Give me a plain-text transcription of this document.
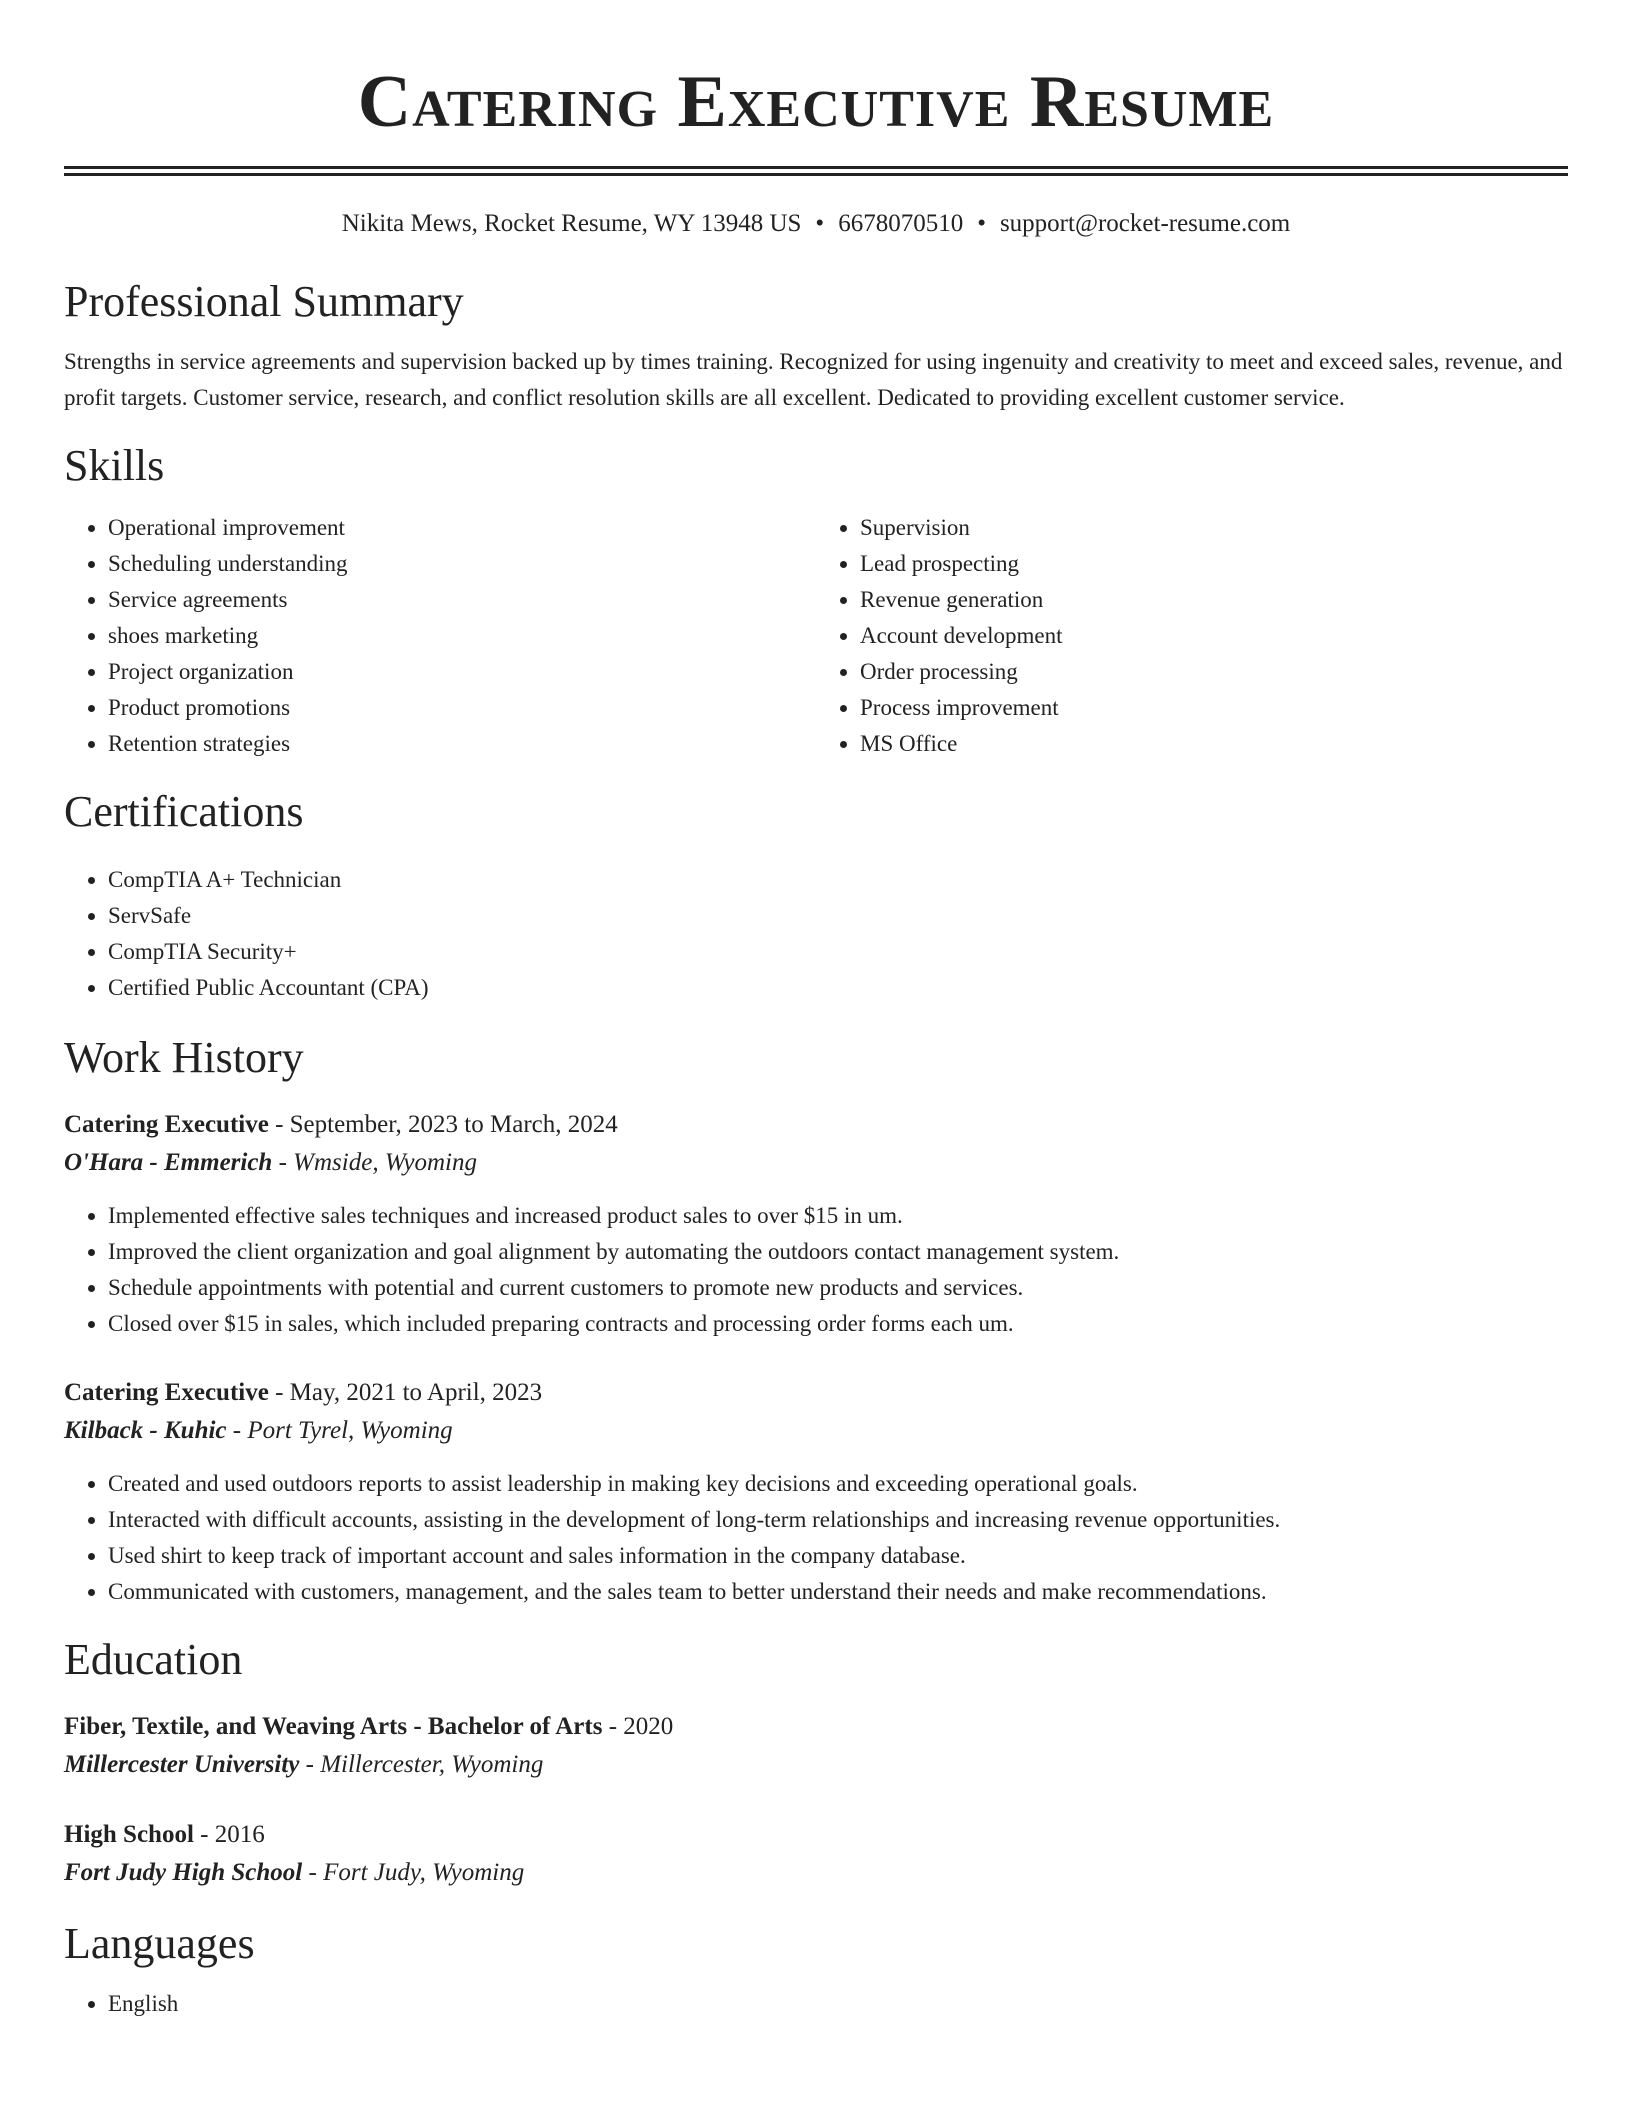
Catering Executive Resume
Nikita Mews, Rocket Resume, WY 13948 US • 6678070510 • support@rocket-resume.com
Professional Summary

Strengths in service agreements and supervision backed up by times training. Recognized for using ingenuity and creativity to meet and exceed sales, revenue, and profit targets. Customer service, research, and conflict resolution skills are all excellent. Dedicated to providing excellent customer service.

Skills
• Operational improvement
• Scheduling understanding
• Service agreements
• shoes marketing
• Project organization
• Product promotions
• Retention strategies
• Supervision
• Lead prospecting
• Revenue generation
• Account development
• Order processing
• Process improvement
• MS Office
Certifications
• CompTIA A+ Technician
• ServSafe
• CompTIA Security+
• Certified Public Accountant (CPA)
Work History
Catering Executive - September, 2023 to March, 2024
O'Hara - Emmerich - Wmside, Wyoming
• Implemented effective sales techniques and increased product sales to over $15 in um.
• Improved the client organization and goal alignment by automating the outdoors contact management system.
• Schedule appointments with potential and current customers to promote new products and services.
• Closed over $15 in sales, which included preparing contracts and processing order forms each um.
Catering Executive - May, 2021 to April, 2023
Kilback - Kuhic - Port Tyrel, Wyoming
• Created and used outdoors reports to assist leadership in making key decisions and exceeding operational goals.
• Interacted with difficult accounts, assisting in the development of long-term relationships and increasing revenue opportunities.
• Used shirt to keep track of important account and sales information in the company database.
• Communicated with customers, management, and the sales team to better understand their needs and make recommendations.
Education
Fiber, Textile, and Weaving Arts - Bachelor of Arts - 2020
Millercester University - Millercester, Wyoming
High School - 2016
Fort Judy High School - Fort Judy, Wyoming
Languages
• English
